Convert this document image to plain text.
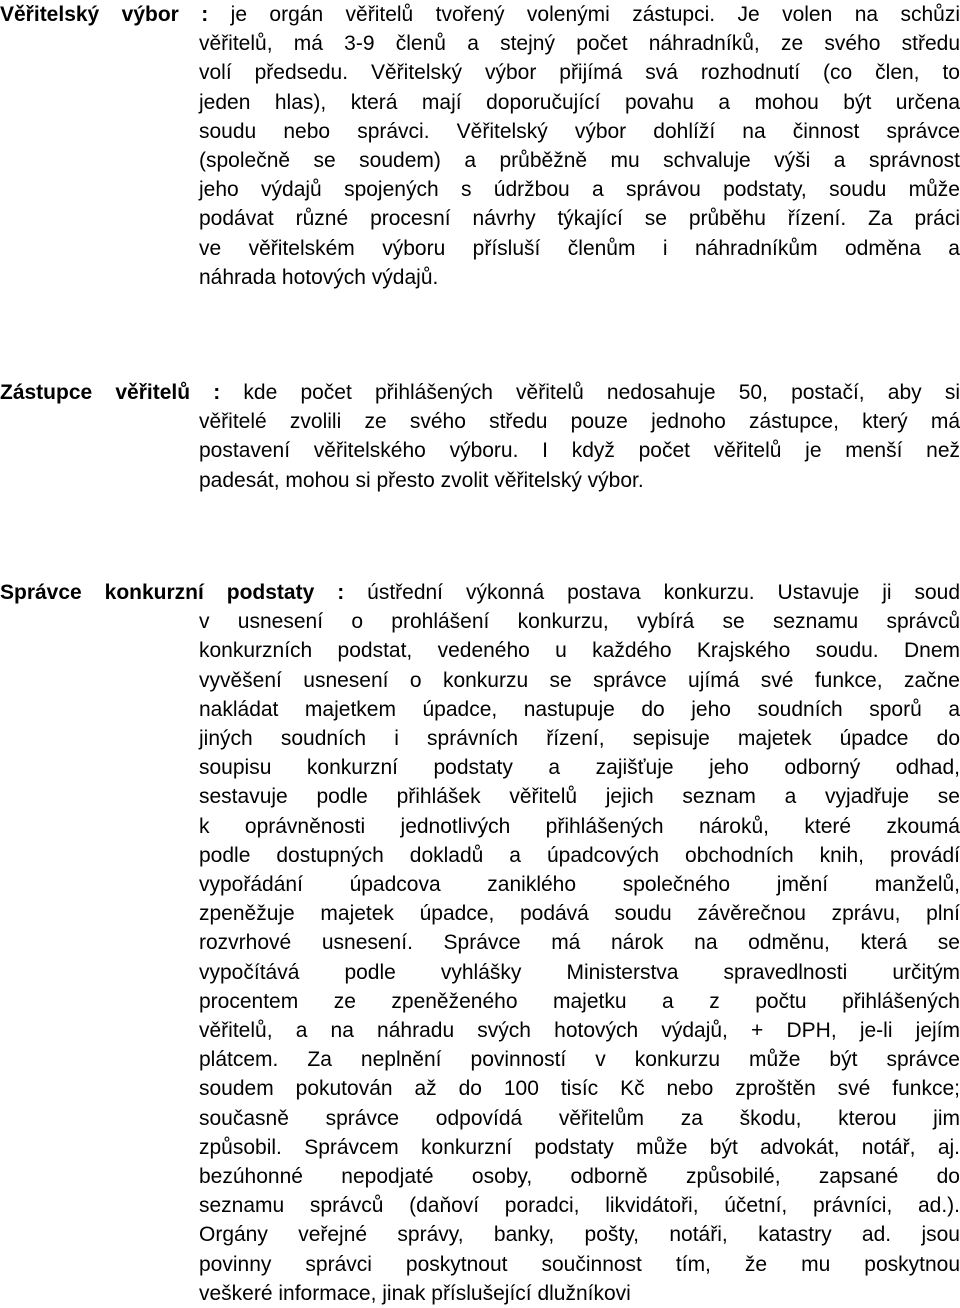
Věřitelský výbor : je orgán věřitelů tvořený volenými zástupci. Je volen na schůzi
věřitelů, má 3-9 členů a stejný počet náhradníků, ze svého středu
volí předsedu. Věřitelský výbor přijímá svá rozhodnutí (co člen, to
jeden hlas), která mají doporučující povahu a mohou být určena
soudu nebo správci. Věřitelský výbor dohlíží na činnost správce
(společně se soudem) a průběžně mu schvaluje výši a správnost
jeho výdajů spojených s údržbou a správou podstaty, soudu může
podávat různé procesní návrhy týkající se průběhu řízení. Za práci
ve věřitelském výboru přísluší členům i náhradníkům odměna a
náhrada hotových výdajů.
Zástupce věřitelů : kde počet přihlášených věřitelů nedosahuje 50, postačí, aby si
věřitelé zvolili ze svého středu pouze jednoho zástupce, který má
postavení věřitelského výboru. I když počet věřitelů je menší než
padesát, mohou si přesto zvolit věřitelský výbor.
Správce konkurzní podstaty : ústřední výkonná postava konkurzu. Ustavuje ji soud
v usnesení o prohlášení konkurzu, vybírá se seznamu správců
konkurzních podstat, vedeného u každého Krajského soudu. Dnem
vyvěšení usnesení o konkurzu se správce ujímá své funkce, začne
nakládat majetkem úpadce, nastupuje do jeho soudních sporů a
jiných soudních i správních řízení, sepisuje majetek úpadce do
soupisu konkurzní podstaty a zajišťuje jeho odborný odhad,
sestavuje podle přihlášek věřitelů jejich seznam a vyjadřuje se
k oprávněnosti jednotlivých přihlášených nároků, které zkoumá
podle dostupných dokladů a úpadcových obchodních knih, provádí
vypořádání úpadcova zaniklého společného jmění manželů,
zpeněžuje majetek úpadce, podává soudu závěrečnou zprávu, plní
rozvrhové usnesení. Správce má nárok na odměnu, která se
vypočítává podle vyhlášky Ministerstva spravedlnosti určitým
procentem ze zpeněženého majetku a z počtu přihlášených
věřitelů, a na náhradu svých hotových výdajů, + DPH, je-li jejím
plátcem. Za neplnění povinností v konkurzu může být správce
soudem pokutován až do 100 tisíc Kč nebo zproštěn své funkce;
současně správce odpovídá věřitelům za škodu, kterou jim
způsobil. Správcem konkurzní podstaty může být advokát, notář, aj.
bezúhonné nepodjaté osoby, odborně způsobilé, zapsané do
seznamu správců (daňoví poradci, likvidátoři, účetní, právníci, ad.).
Orgány veřejné správy, banky, pošty, notáři, katastry ad. jsou
povinny správci poskytnout součinnost tím, že mu poskytnou
veškeré informace, jinak příslušející dlužníkovi
